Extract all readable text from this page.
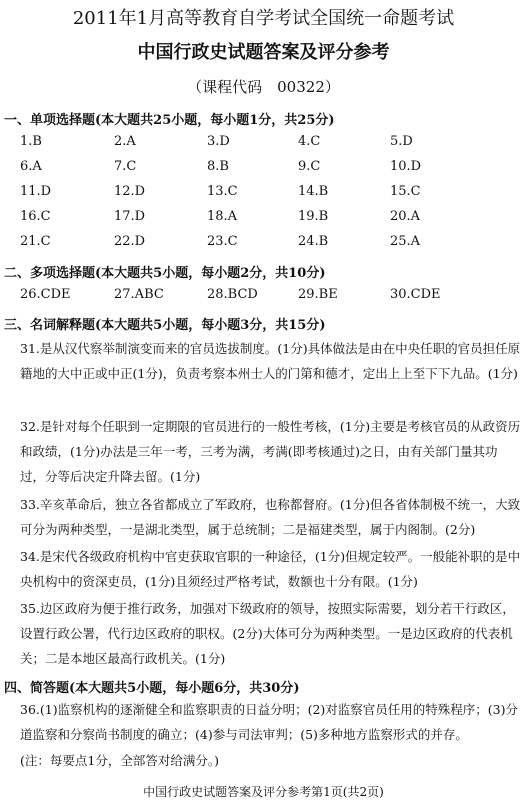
2011年1月高等教育自学考试全国统一命题考试
中国行政史试题答案及评分参考
（课程代码　00322）
一、单项选择题(本大题共25小题，每小题1分，共25分)
1.B	2.A	3.D	4.C	5.D
6.A	7.C	8.B	9.C	10.D
11.D	12.D	13.C	14.B	15.C
16.C	17.D	18.A	19.B	20.A
21.C	22.D	23.C	24.B	25.A
二、多项选择题(本大题共5小题，每小题2分，共10分)
26.CDE	27.ABC	28.BCD	29.BE	30.CDE
三、名词解释题(本大题共5小题，每小题3分，共15分)
31.是从汉代察举制演变而来的官员选拔制度。(1分)具体做法是由在中央任职的官员担任原籍地的大中正或中正(1分)，负责考察本州士人的门第和德才，定出上上至下下九品。(1分)
32.是针对每个任职到一定期限的官员进行的一般性考核，(1分)主要是考核官员的从政资历和政绩，(1分)办法是三年一考，三考为满，考满(即考核通过)之日，由有关部门量其功过，分等后决定升降去留。(1分)
33.辛亥革命后，独立各省都成立了军政府，也称都督府。(1分)但各省体制极不统一，大致可分为两种类型，一是湖北类型，属于总统制；二是福建类型，属于内阁制。(2分)
34.是宋代各级政府机构中官吏获取官职的一种途径，(1分)但规定较严。一般能补职的是中央机构中的资深吏员，(1分)且须经过严格考试，数额也十分有限。(1分)
35.边区政府为便于推行政务，加强对下级政府的领导，按照实际需要，划分若干行政区，设置行政公署，代行边区政府的职权。(2分)大体可分为两种类型。一是边区政府的代表机关；二是本地区最高行政机关。(1分)
四、简答题(本大题共5小题，每小题6分，共30分)
36.(1)监察机构的逐渐健全和监察职责的日益分明；(2)对监察官员任用的特殊程序；(3)分道监察和分察尚书制度的确立；(4)参与司法审判；(5)多种地方监察形式的并存。
(注：每要点1分，全部答对给满分。)
中国行政史试题答案及评分参考第1页(共2页)
